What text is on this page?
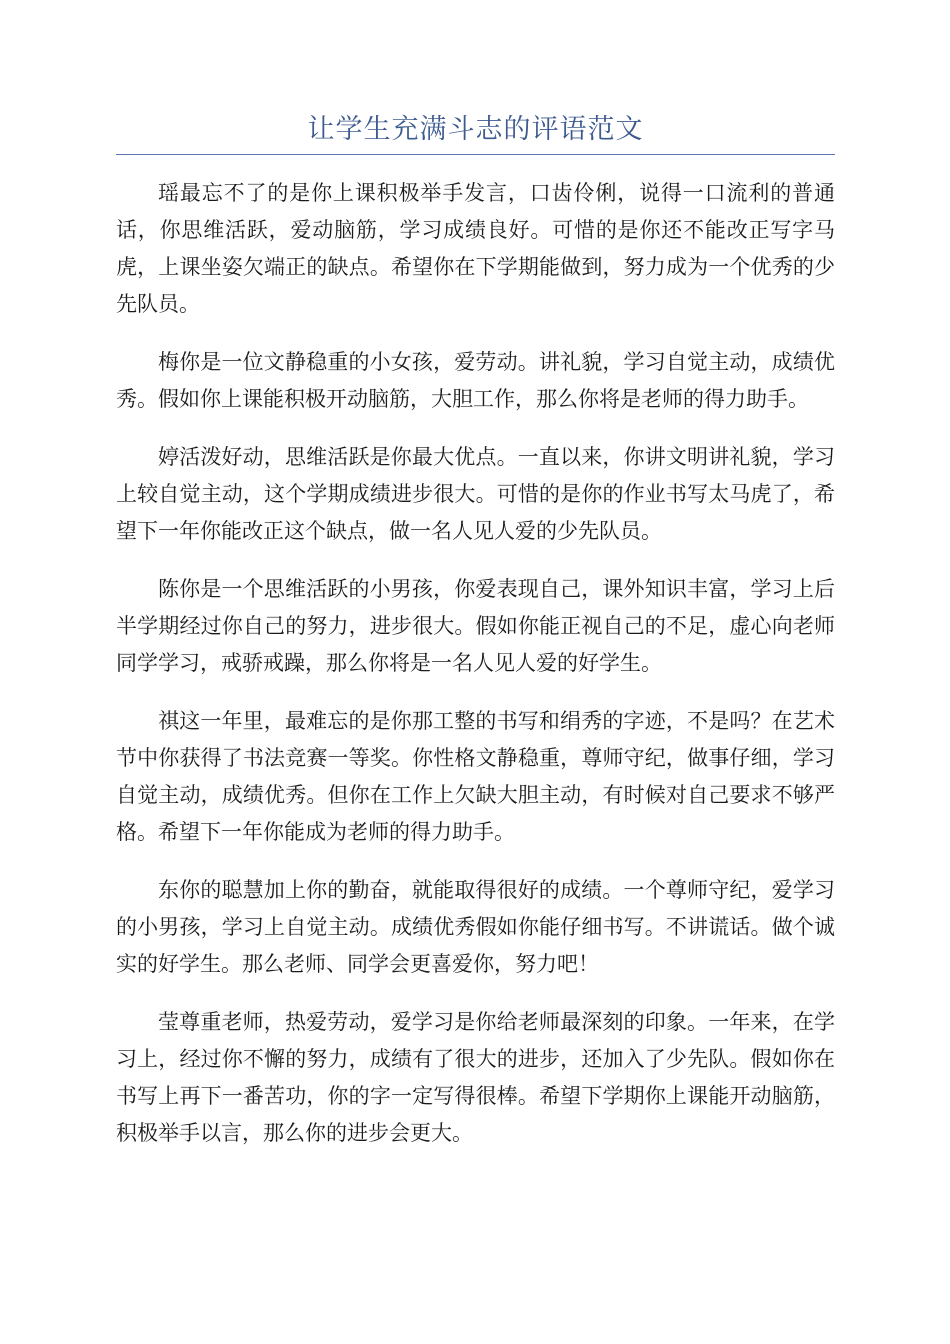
让学生充满斗志的评语范文

瑶最忘不了的是你上课积极举手发言，口齿伶俐，说得一口流利的普通话，你思维活跃，爱动脑筋，学习成绩良好。可惜的是你还不能改正写字马虎，上课坐姿欠端正的缺点。希望你在下学期能做到，努力成为一个优秀的少先队员。

梅你是一位文静稳重的小女孩，爱劳动。讲礼貌，学习自觉主动，成绩优秀。假如你上课能积极开动脑筋，大胆工作，那么你将是老师的得力助手。

婷活泼好动，思维活跃是你最大优点。一直以来，你讲文明讲礼貌，学习上较自觉主动，这个学期成绩进步很大。可惜的是你的作业书写太马虎了，希望下一年你能改正这个缺点，做一名人见人爱的少先队员。

陈你是一个思维活跃的小男孩，你爱表现自己，课外知识丰富，学习上后半学期经过你自己的努力，进步很大。假如你能正视自己的不足，虚心向老师同学学习，戒骄戒躁，那么你将是一名人见人爱的好学生。

祺这一年里，最难忘的是你那工整的书写和绢秀的字迹，不是吗？在艺术节中你获得了书法竞赛一等奖。你性格文静稳重，尊师守纪，做事仔细，学习自觉主动，成绩优秀。但你在工作上欠缺大胆主动，有时候对自己要求不够严格。希望下一年你能成为老师的得力助手。

东你的聪慧加上你的勤奋，就能取得很好的成绩。一个尊师守纪，爱学习的小男孩，学习上自觉主动。成绩优秀假如你能仔细书写。不讲谎话。做个诚实的好学生。那么老师、同学会更喜爱你，努力吧！

莹尊重老师，热爱劳动，爱学习是你给老师最深刻的印象。一年来，在学习上，经过你不懈的努力，成绩有了很大的进步，还加入了少先队。假如你在书写上再下一番苦功，你的字一定写得很棒。希望下学期你上课能开动脑筋，积极举手以言，那么你的进步会更大。
